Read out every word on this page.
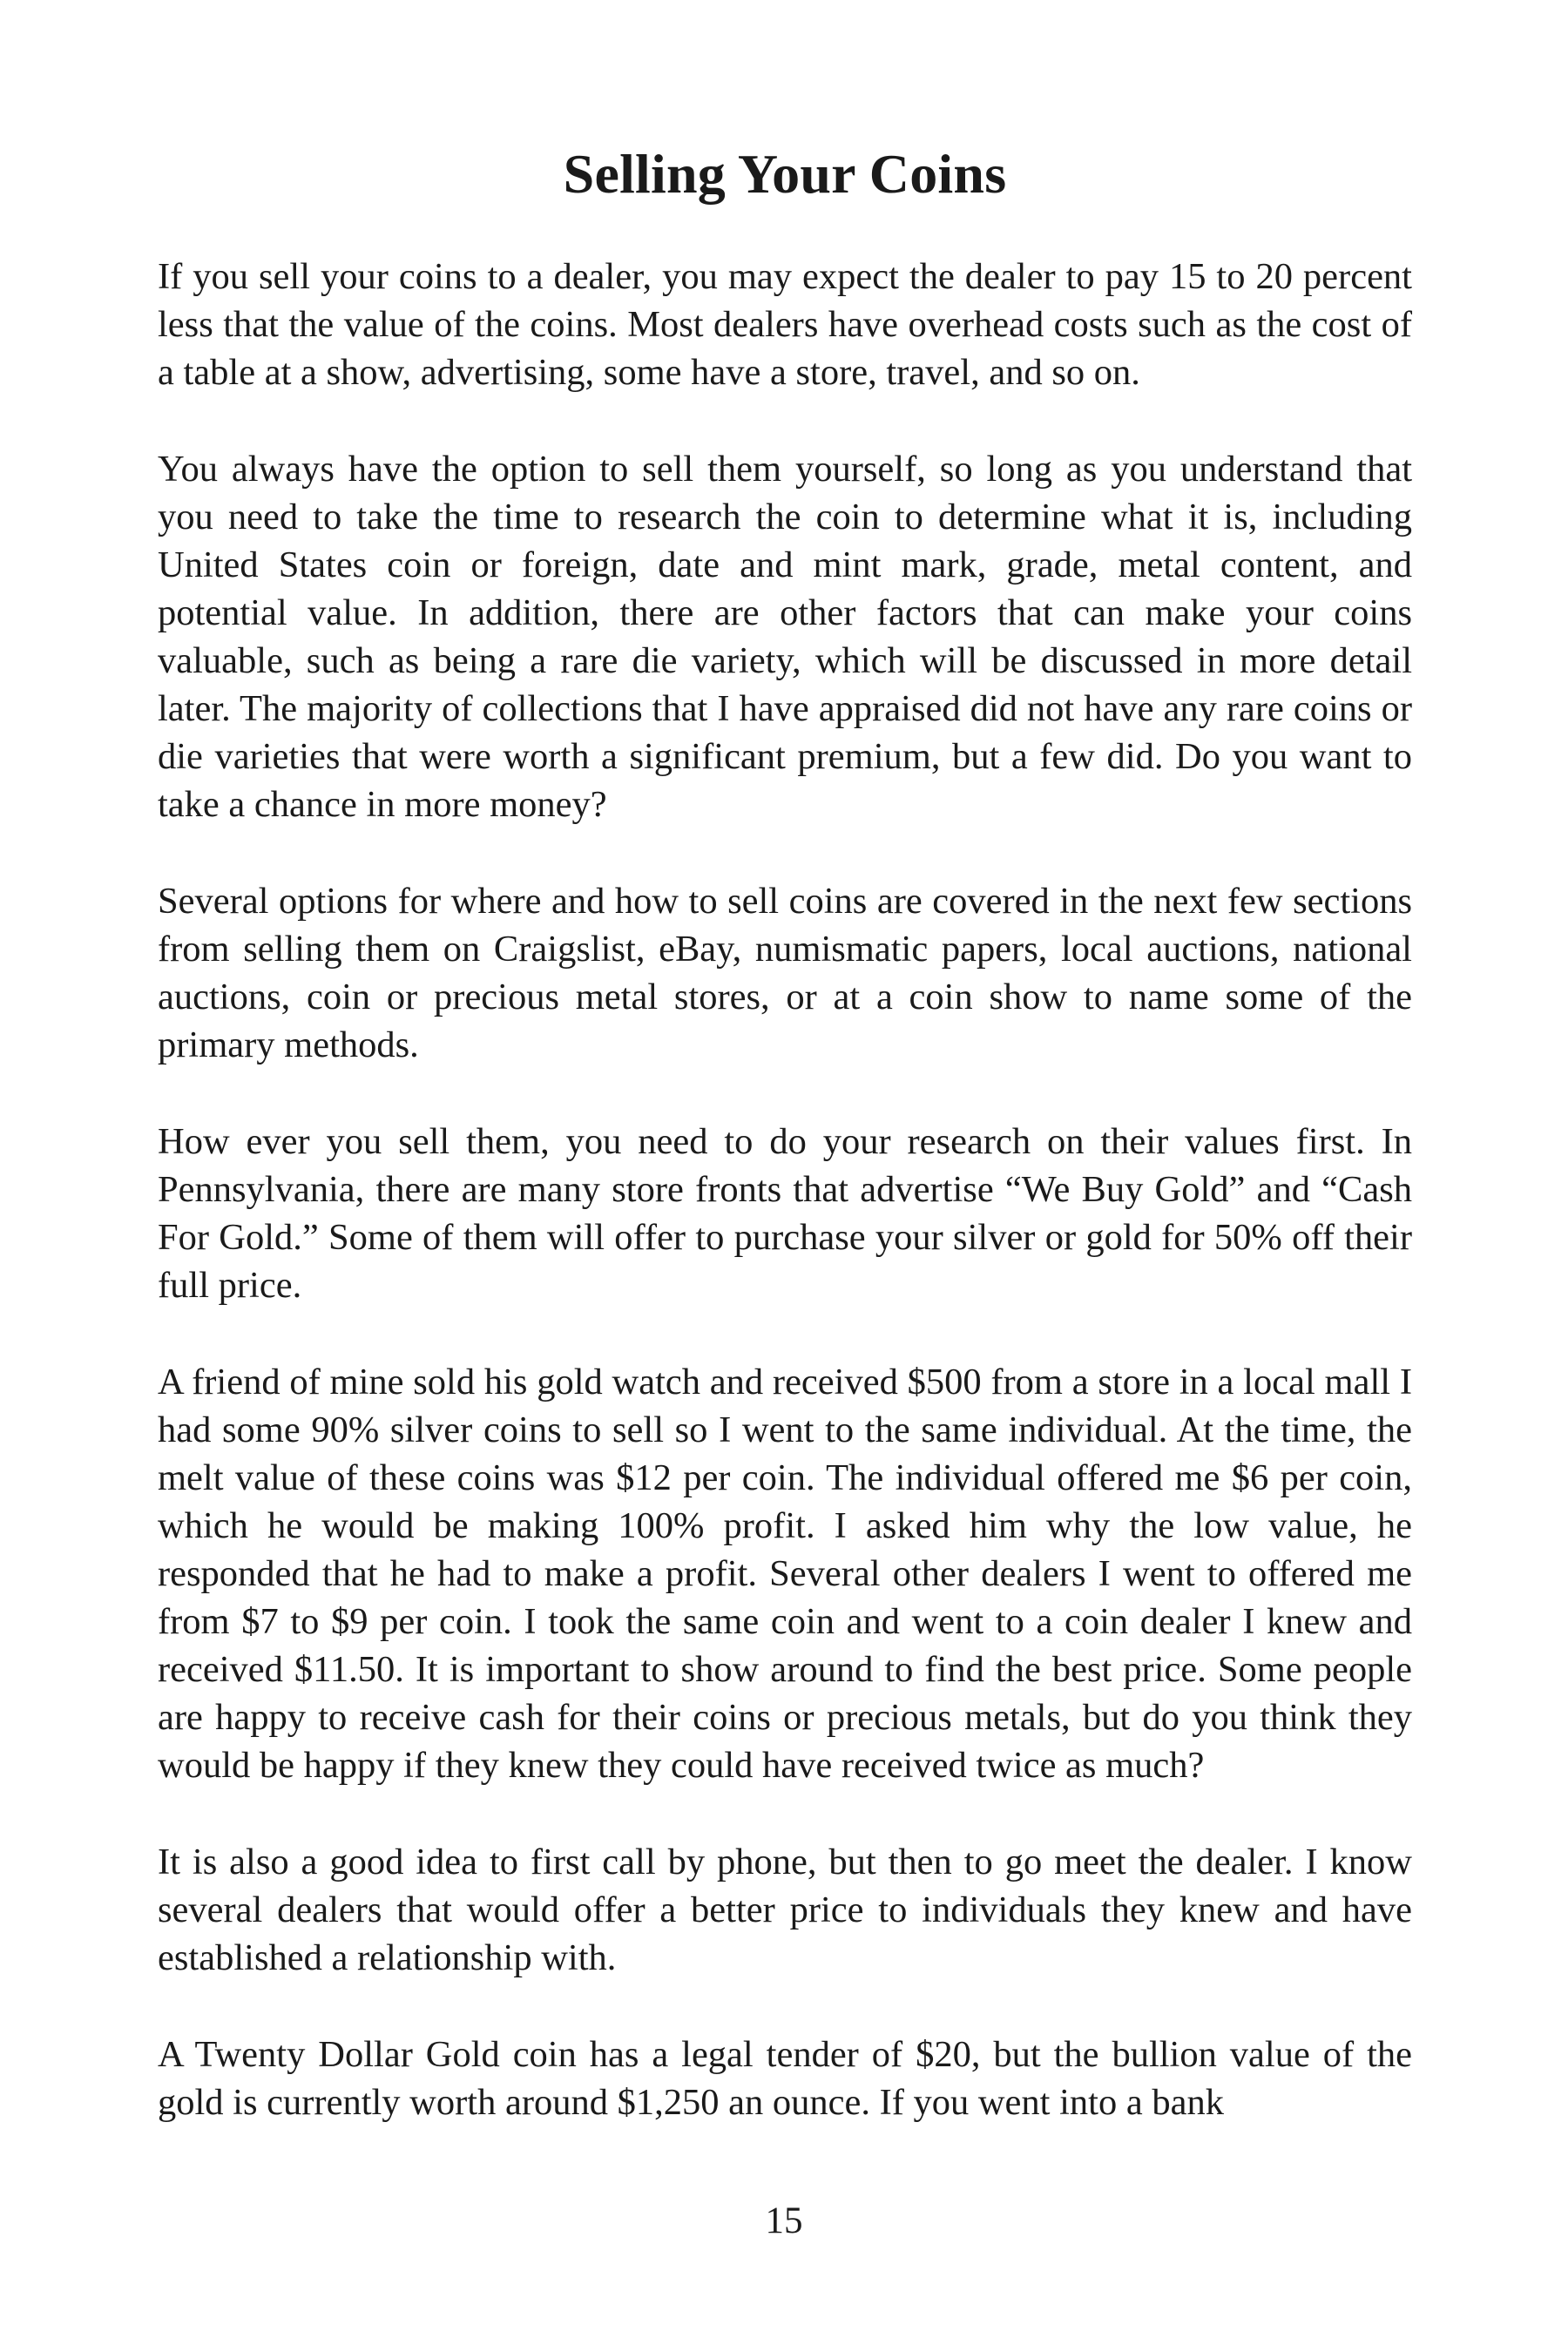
Selling Your Coins

If you sell your coins to a dealer, you may expect the dealer to pay 15 to 20 percent less that the value of the coins. Most dealers have overhead costs such as the cost of a table at a show, advertising, some have a store, travel, and so on.

You always have the option to sell them yourself, so long as you understand that you need to take the time to research the coin to determine what it is, including United States coin or foreign, date and mint mark, grade, metal content, and potential value. In addition, there are other factors that can make your coins valuable, such as being a rare die variety, which will be discussed in more detail later. The majority of collections that I have appraised did not have any rare coins or die varieties that were worth a significant premium, but a few did. Do you want to take a chance in more money?

Several options for where and how to sell coins are covered in the next few sections from selling them on Craigslist, eBay, numismatic papers, local auctions, national auctions, coin or precious metal stores, or at a coin show to name some of the primary methods.

How ever you sell them, you need to do your research on their values first. In Pennsylvania, there are many store fronts that advertise “We Buy Gold” and “Cash For Gold.” Some of them will offer to purchase your silver or gold for 50% off their full price.

A friend of mine sold his gold watch and received $500 from a store in a local mall I had some 90% silver coins to sell so I went to the same individual. At the time, the melt value of these coins was $12 per coin. The individual offered me $6 per coin, which he would be making 100% profit. I asked him why the low value, he responded that he had to make a profit. Several other dealers I went to offered me from $7 to $9 per coin. I took the same coin and went to a coin dealer I knew and received $11.50. It is important to show around to find the best price. Some people are happy to receive cash for their coins or precious metals, but do you think they would be happy if they knew they could have received twice as much?

It is also a good idea to first call by phone, but then to go meet the dealer. I know several dealers that would offer a better price to individuals they knew and have established a relationship with.

A Twenty Dollar Gold coin has a legal tender of $20, but the bullion value of the gold is currently worth around $1,250 an ounce. If you went into a bank

15
